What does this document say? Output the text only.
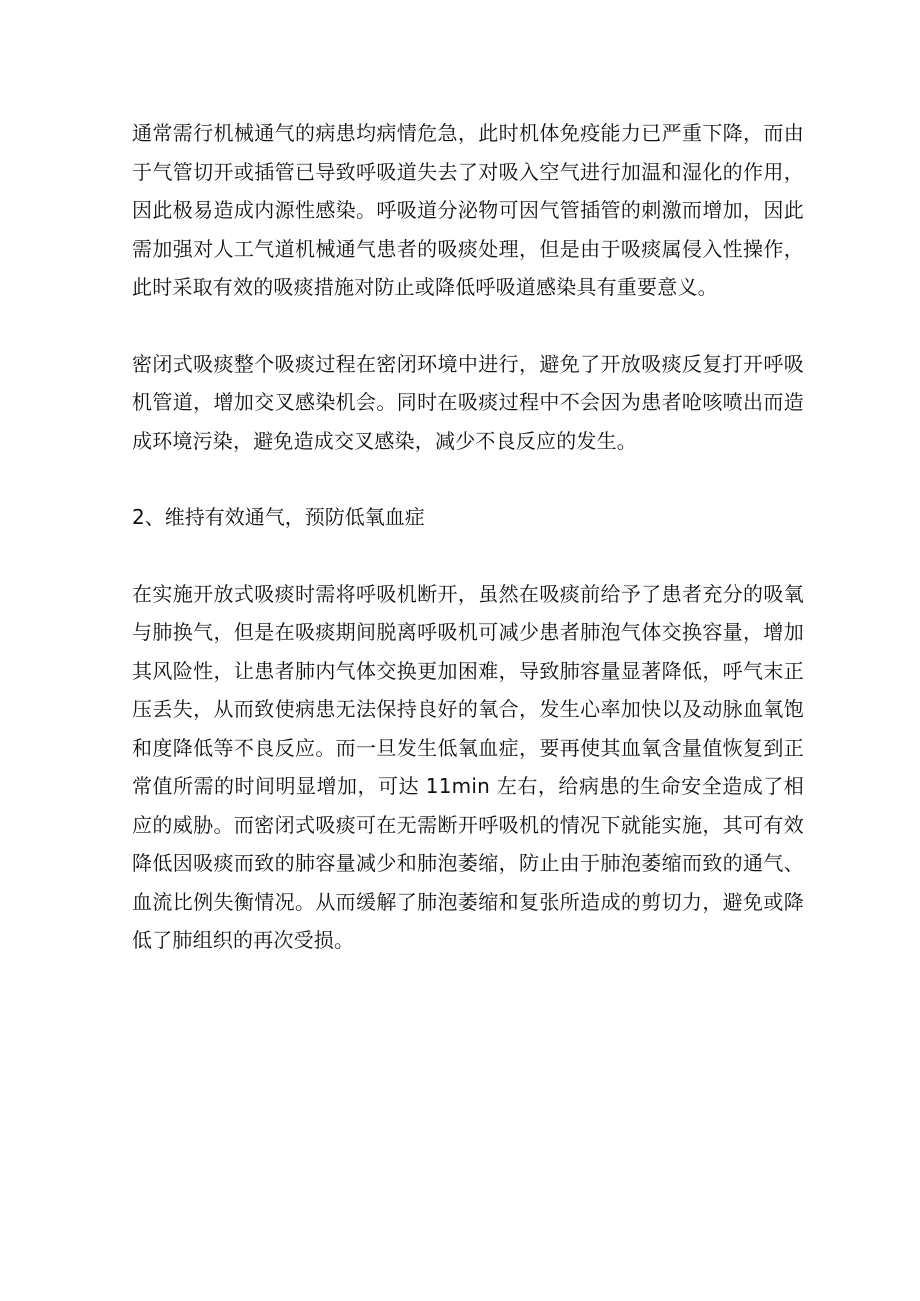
通常需行机械通气的病患均病情危急，此时机体免疫能力已严重下降，而由于气管切开或插管已导致呼吸道失去了对吸入空气进行加温和湿化的作用，因此极易造成内源性感染。呼吸道分泌物可因气管插管的刺激而增加，因此需加强对人工气道机械通气患者的吸痰处理，但是由于吸痰属侵入性操作，此时采取有效的吸痰措施对防止或降低呼吸道感染具有重要意义。

密闭式吸痰整个吸痰过程在密闭环境中进行，避免了开放吸痰反复打开呼吸机管道，增加交叉感染机会。同时在吸痰过程中不会因为患者呛咳喷出而造成环境污染，避免造成交叉感染，减少不良反应的发生。

2、维持有效通气，预防低氧血症

在实施开放式吸痰时需将呼吸机断开，虽然在吸痰前给予了患者充分的吸氧与肺换气，但是在吸痰期间脱离呼吸机可减少患者肺泡气体交换容量，增加其风险性，让患者肺内气体交换更加困难，导致肺容量显著降低，呼气末正压丢失，从而致使病患无法保持良好的氧合，发生心率加快以及动脉血氧饱和度降低等不良反应。而一旦发生低氧血症，要再使其血氧含量值恢复到正常值所需的时间明显增加，可达 11min 左右，给病患的生命安全造成了相应的威胁。而密闭式吸痰可在无需断开呼吸机的情况下就能实施，其可有效降低因吸痰而致的肺容量减少和肺泡萎缩，防止由于肺泡萎缩而致的通气、血流比例失衡情况。从而缓解了肺泡萎缩和复张所造成的剪切力，避免或降低了肺组织的再次受损。
